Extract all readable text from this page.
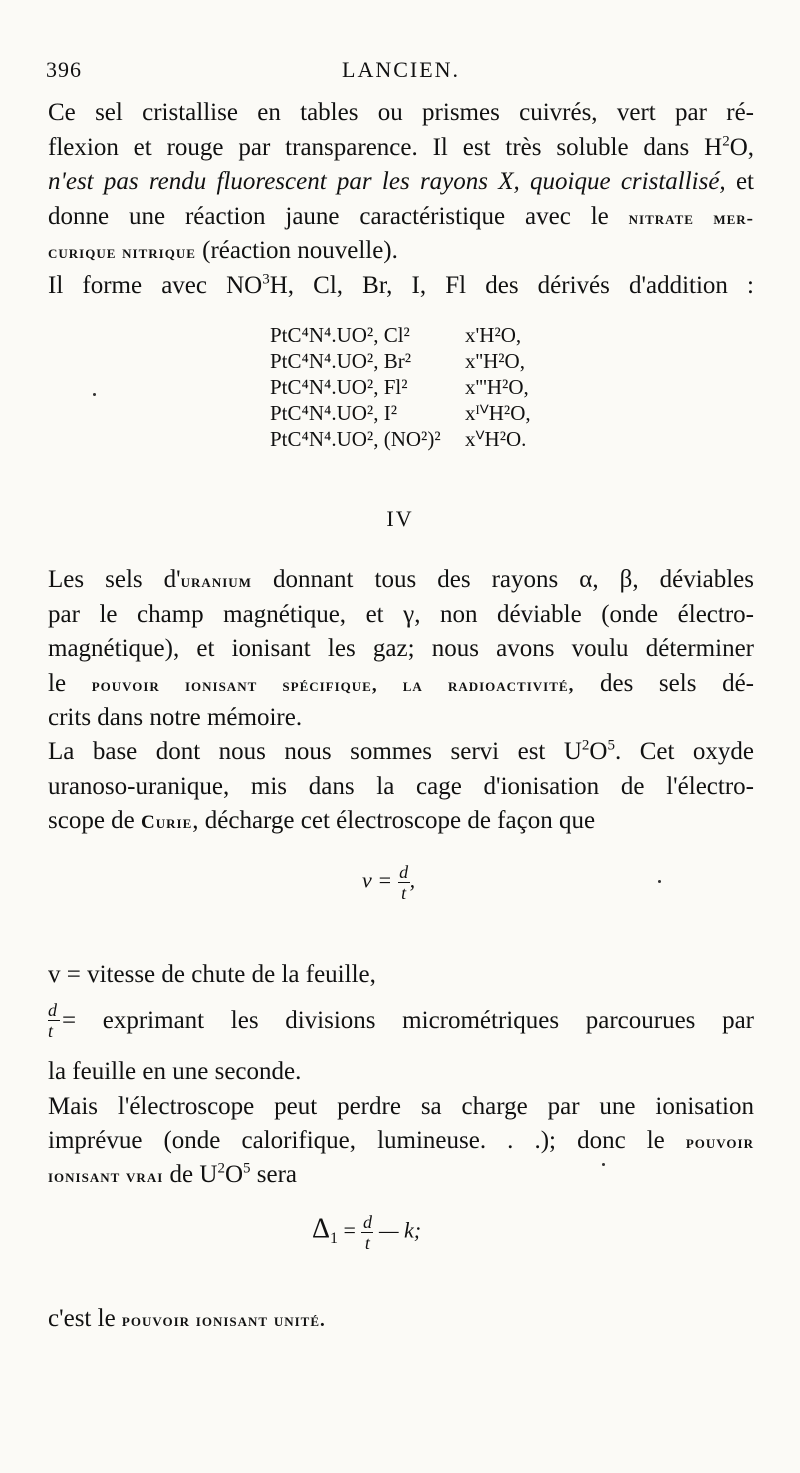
396	LANCIEN.
Ce sel cristallise en tables ou prismes cuivrés, vert par ré-
flexion et rouge par transparence. Il est très soluble dans $H^2O$,
n'est pas rendu fluorescent par les rayons X, quoique cristallisé, et
donne une réaction jaune caractéristique avec le nitrate mer-
curique nitrique (réaction nouvelle).
Il forme avec $NO^3H$, Cl, Br, I, Fl des dérivés d'addition :
PtC⁴N⁴.UO², Cl²	x'H²O,
PtC⁴N⁴.UO², Br²	x''H²O,
PtC⁴N⁴.UO², Fl²	x'''H²O,
PtC⁴N⁴.UO², I²	xᴵⱽH²O,
PtC⁴N⁴.UO², (NO²)²	xⱽH²O.
IV
Les sels d'uranium donnant tous des rayons α, β, déviables
par le champ magnétique, et γ, non déviable (onde électro-
magnétique), et ionisant les gaz; nous avons voulu déterminer
le pouvoir ionisant spécifique, la radioactivité, des sels dé-
crits dans notre mémoire.
La base dont nous nous sommes servi est $U^2O^5$. Cet oxyde
uranoso-uranique, mis dans la cage d'ionisation de l'électro-
scope de Curie, décharge cet électroscope de façon que
$v = \frac{d}{t}$ ,
v = vitesse de chute de la feuille,
$\frac{d}{t}$ = exprimant les divisions micrométriques parcourues par
la feuille en une seconde.
Mais l'électroscope peut perdre sa charge par une ionisation
imprévue (onde calorifique, lumineuse. . .); donc le pouvoir
ionisant vrai de $U^2O^5$ sera
$\Delta_1 = \frac{d}{t}$ — k;
c'est le pouvoir ionisant unité.
